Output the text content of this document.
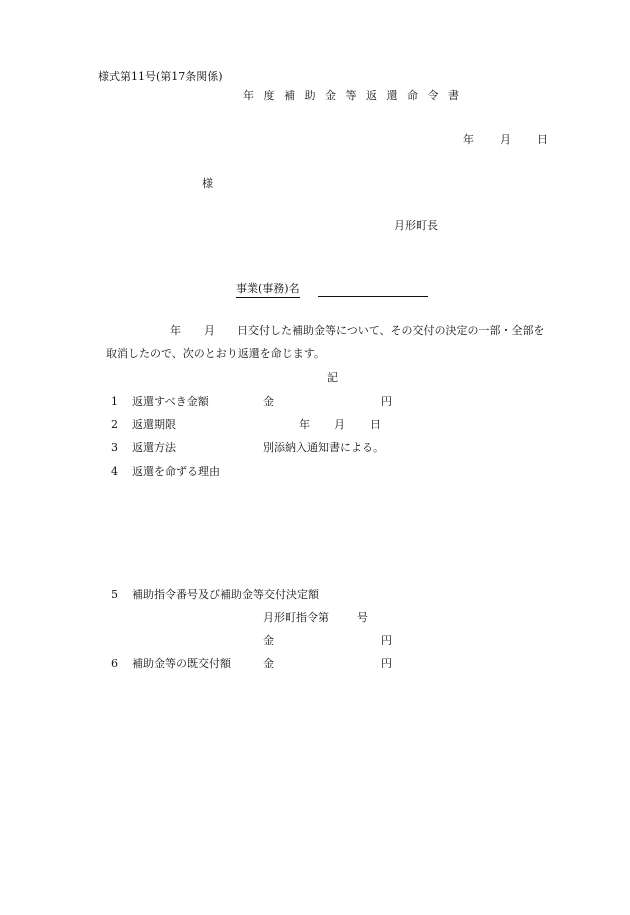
様式第11号(第17条関係)
年 度 補 助 金 等 返 還 命 令 書
年 月 日
様
月形町長
事業(事務)名
年 月 日交付した補助金等について、その交付の決定の一部・全部を
取消したので、次のとおり返還を命じます。
記
1 返還すべき金額	金	円
2 返還期限	年 月 日
3 返還方法	別添納入通知書による。
4 返還を命ずる理由
5 補助指令番号及び補助金等交付決定額
月形町指令第	号
金	円
6 補助金等の既交付額	金	円
